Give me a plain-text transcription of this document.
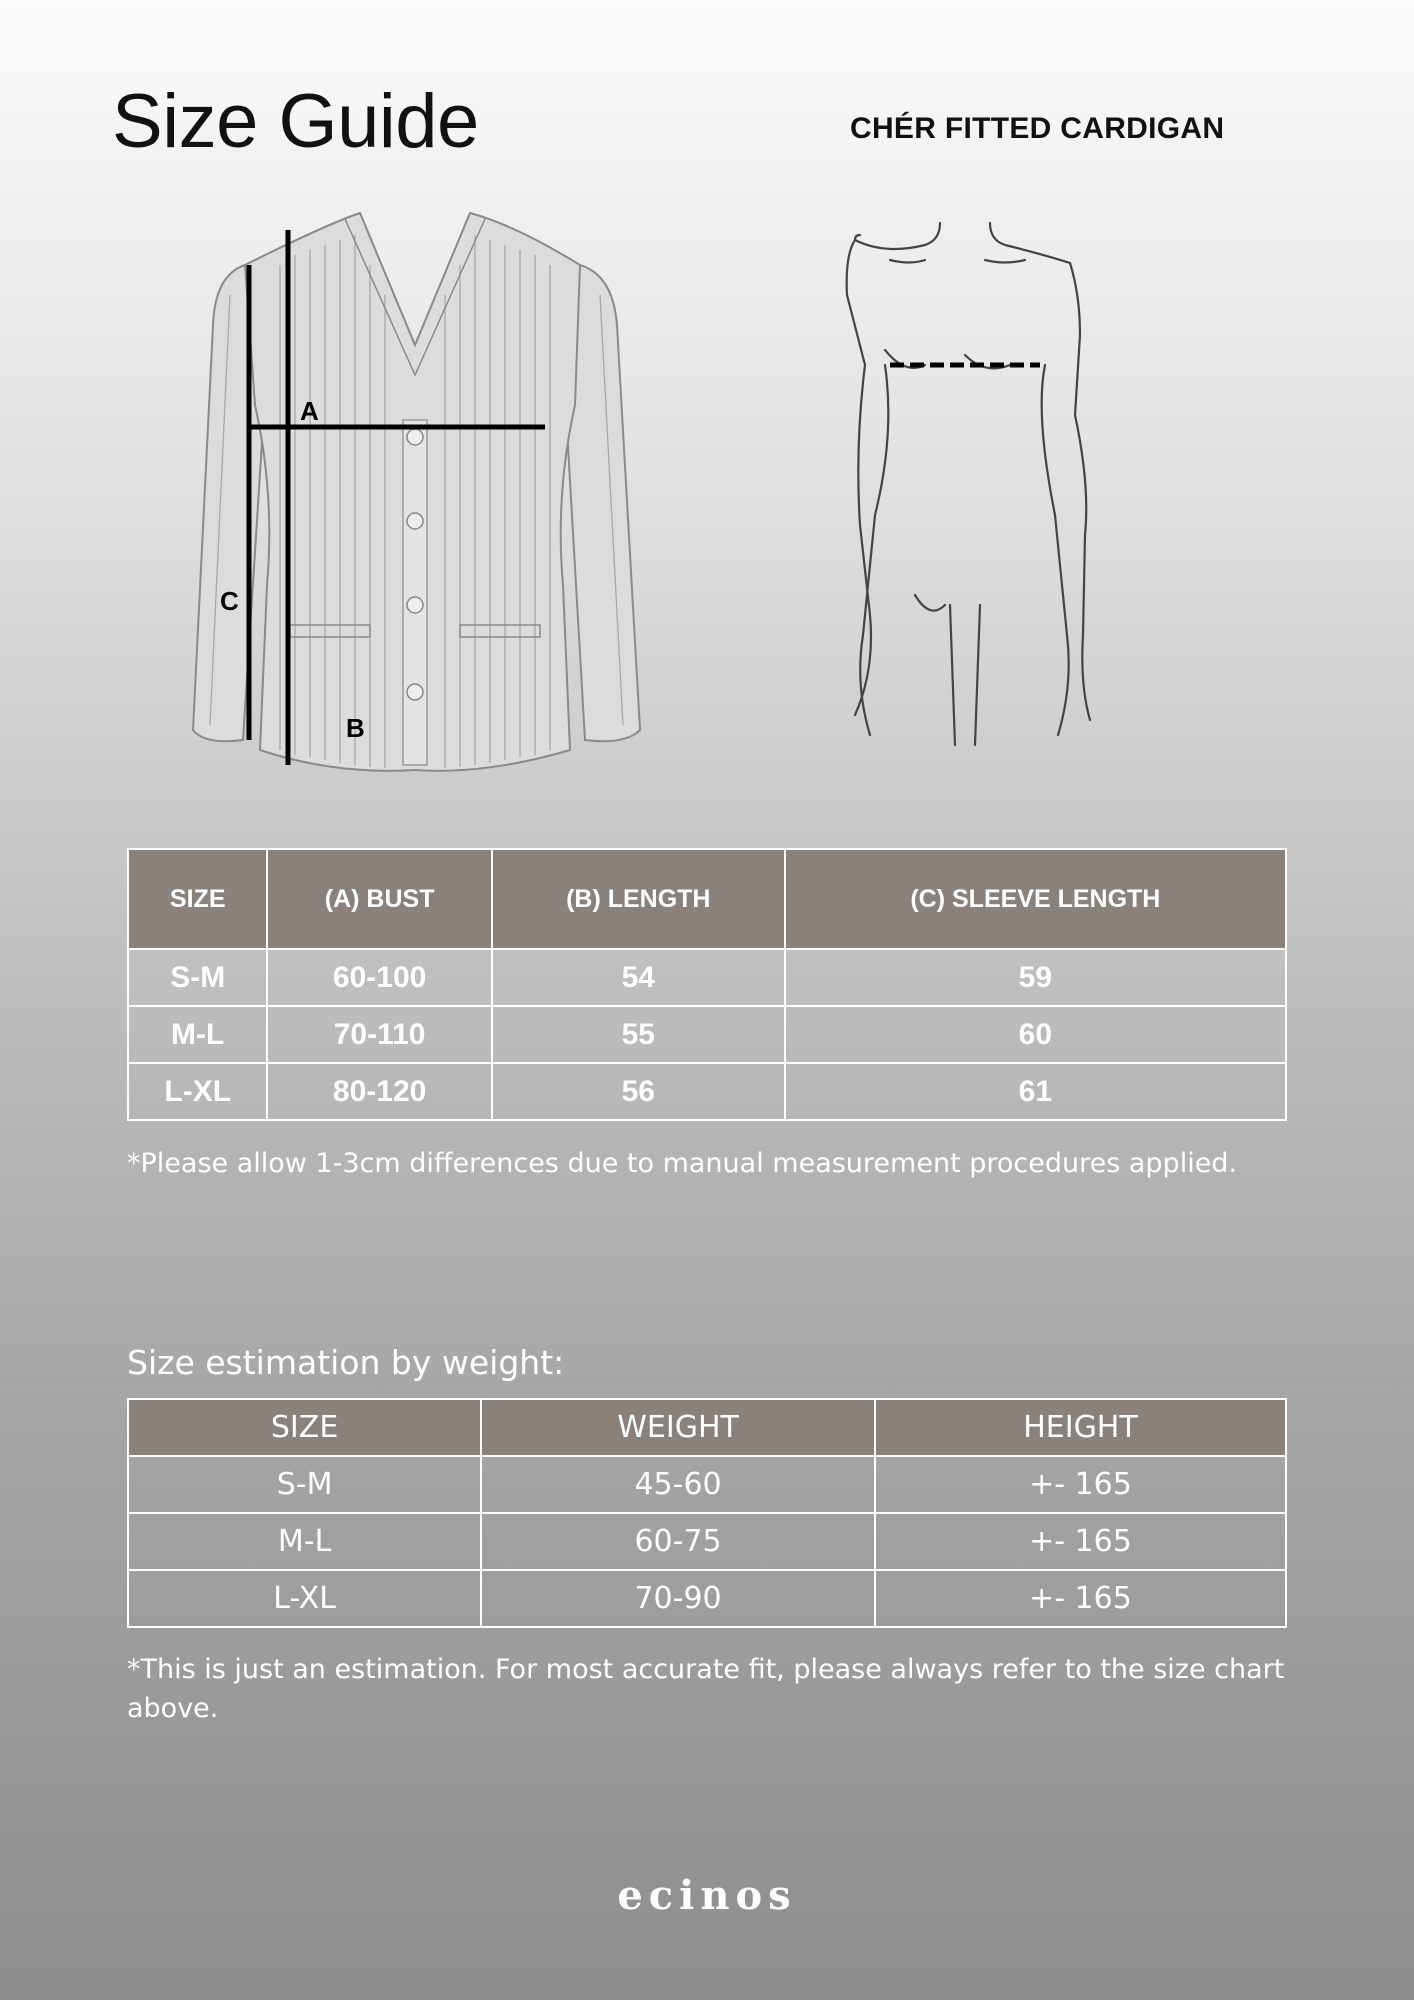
Size Guide	CHÉR FITTED CARDIGAN
A
B
C
SIZE	(A) BUST	(B) LENGTH	(C) SLEEVE LENGTH
S-M	60-100	54	59
M-L	70-110	55	60
L-XL	80-120	56	61
*Please allow 1-3cm differences due to manual measurement procedures applied.
Size estimation by weight:
SIZE	WEIGHT	HEIGHT
S-M	45-60	+- 165
M-L	60-75	+- 165
L-XL	70-90	+- 165
*This is just an estimation. For most accurate fit, please always refer to the size chart above.
ecinos
